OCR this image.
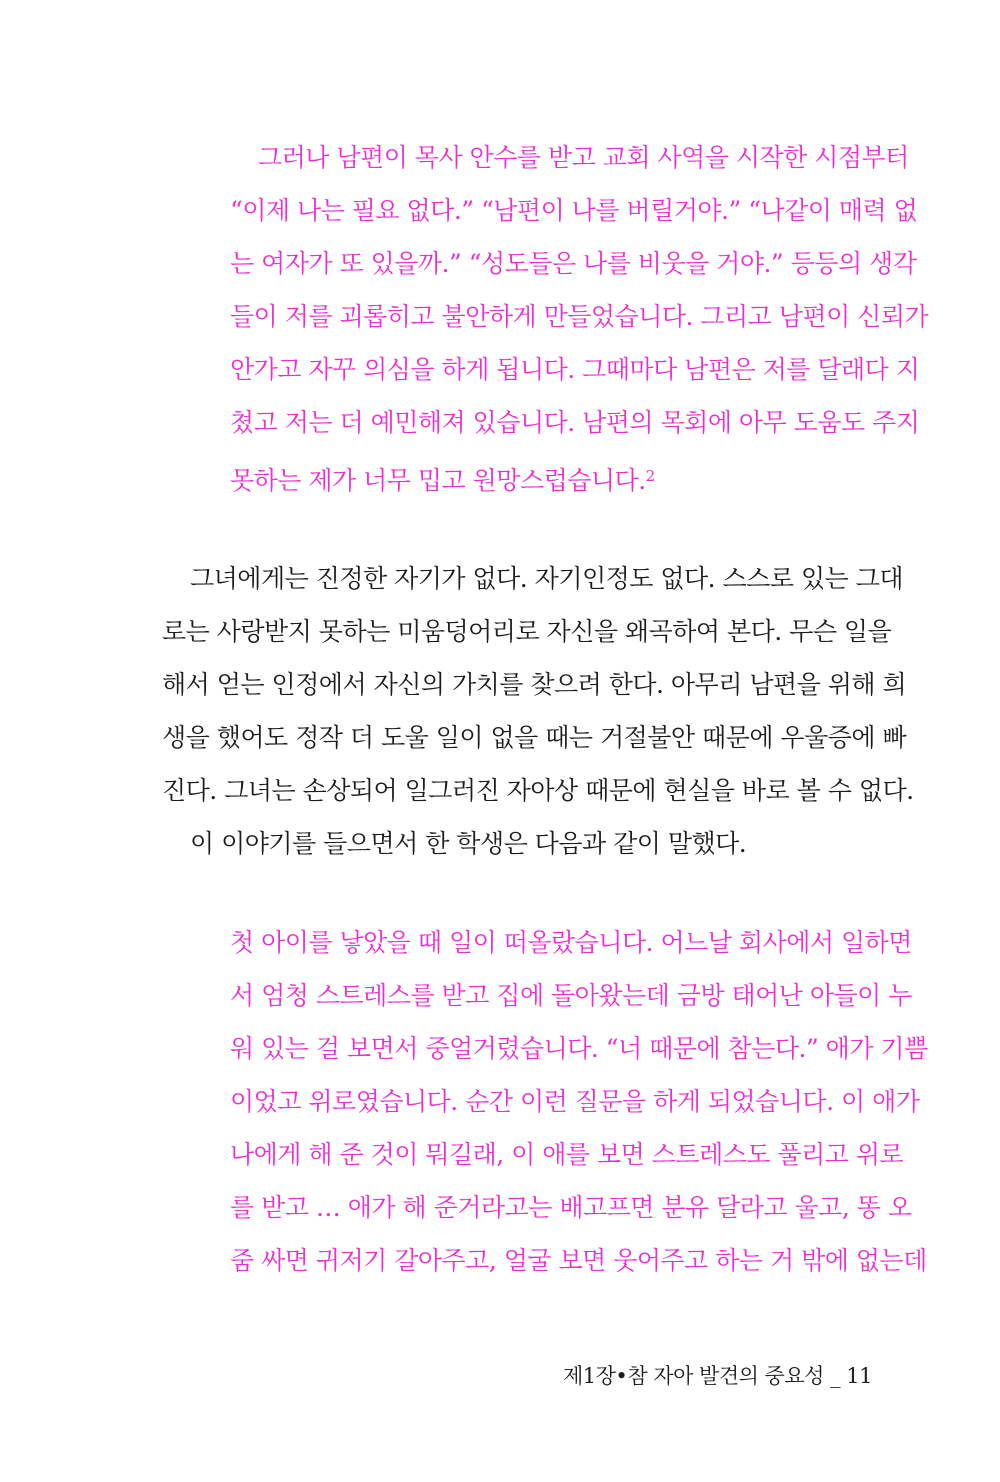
그러나 남편이 목사 안수를 받고 교회 사역을 시작한 시점부터
“이제 나는 필요 없다.” “남편이 나를 버릴거야.” “나같이 매력 없
는 여자가 또 있을까.” “성도들은 나를 비웃을 거야.” 등등의 생각
들이 저를 괴롭히고 불안하게 만들었습니다. 그리고 남편이 신뢰가
안가고 자꾸 의심을 하게 됩니다. 그때마다 남편은 저를 달래다 지
쳤고 저는 더 예민해져 있습니다. 남편의 목회에 아무 도움도 주지
못하는 제가 너무 밉고 원망스럽습니다.$^2$
그녀에게는 진정한 자기가 없다. 자기인정도 없다. 스스로 있는 그대
로는 사랑받지 못하는 미움덩어리로 자신을 왜곡하여 본다. 무슨 일을
해서 얻는 인정에서 자신의 가치를 찾으려 한다. 아무리 남편을 위해 희
생을 했어도 정작 더 도울 일이 없을 때는 거절불안 때문에 우울증에 빠
진다. 그녀는 손상되어 일그러진 자아상 때문에 현실을 바로 볼 수 없다.
이 이야기를 들으면서 한 학생은 다음과 같이 말했다.
첫 아이를 낳았을 때 일이 떠올랐습니다. 어느날 회사에서 일하면
서 엄청 스트레스를 받고 집에 돌아왔는데 금방 태어난 아들이 누
워 있는 걸 보면서 중얼거렸습니다. “너 때문에 참는다.” 애가 기쁨
이었고 위로였습니다. 순간 이런 질문을 하게 되었습니다. 이 애가
나에게 해 준 것이 뭐길래, 이 애를 보면 스트레스도 풀리고 위로
를 받고 … 애가 해 준거라고는 배고프면 분유 달라고 울고, 똥 오
줌 싸면 귀저기 갈아주고, 얼굴 보면 웃어주고 하는 거 밖에 없는데
제1장•참 자아 발견의 중요성 _ 11
